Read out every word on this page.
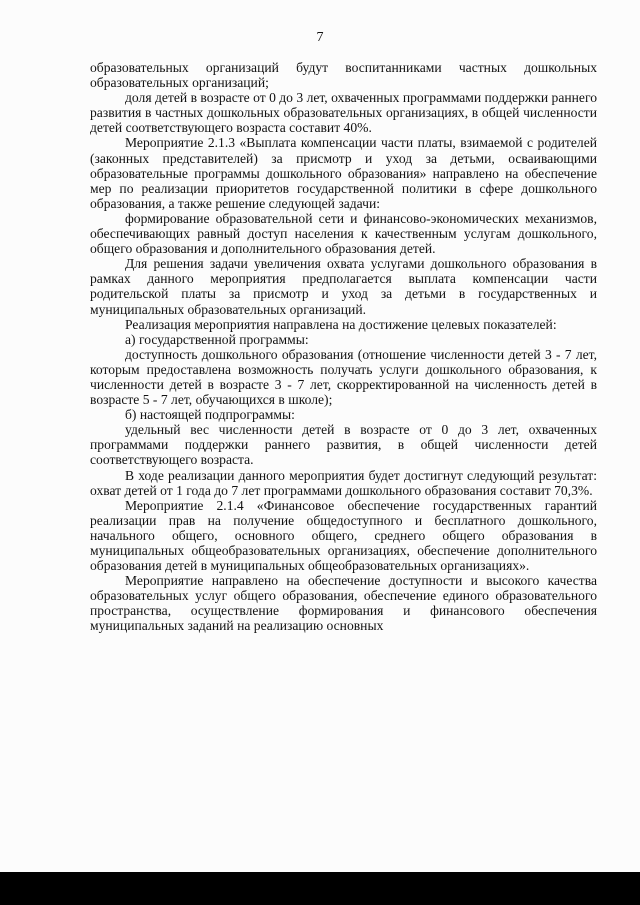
7

образовательных организаций будут воспитанниками частных дошкольных образовательных организаций;

доля детей в возрасте от 0 до 3 лет, охваченных программами поддержки раннего развития в частных дошкольных образовательных организациях, в общей численности детей соответствующего возраста составит 40%.

Мероприятие 2.1.3 «Выплата компенсации части платы, взимаемой с родителей (законных представителей) за присмотр и уход за детьми, осваивающими образовательные программы дошкольного образования» направлено на обеспечение мер по реализации приоритетов государственной политики в сфере дошкольного образования, а также решение следующей задачи:

формирование образовательной сети и финансово-экономических механизмов, обеспечивающих равный доступ населения к качественным услугам дошкольного, общего образования и дополнительного образования детей.

Для решения задачи увеличения охвата услугами дошкольного образования в рамках данного мероприятия предполагается выплата компенсации части родительской платы за присмотр и уход за детьми в государственных и муниципальных образовательных организаций.

Реализация мероприятия направлена на достижение целевых показателей:

а) государственной программы:

доступность дошкольного образования (отношение численности детей 3 - 7 лет, которым предоставлена возможность получать услуги дошкольного образования, к численности детей в возрасте 3 - 7 лет, скорректированной на численность детей в возрасте 5 - 7 лет, обучающихся в школе);

б) настоящей подпрограммы:

удельный вес численности детей в возрасте от 0 до 3 лет, охваченных программами поддержки раннего развития, в общей численности детей соответствующего возраста.

В ходе реализации данного мероприятия будет достигнут следующий результат: охват детей от 1 года до 7 лет программами дошкольного образования составит 70,3%.

Мероприятие 2.1.4 «Финансовое обеспечение государственных гарантий реализации прав на получение общедоступного и бесплатного дошкольного, начального общего, основного общего, среднего общего образования в муниципальных общеобразовательных организациях, обеспечение дополнительного образования детей в муниципальных общеобразовательных организациях».

Мероприятие направлено на обеспечение доступности и высокого качества образовательных услуг общего образования, обеспечение единого образовательного пространства, осуществление формирования и финансового обеспечения муниципальных заданий на реализацию основных
